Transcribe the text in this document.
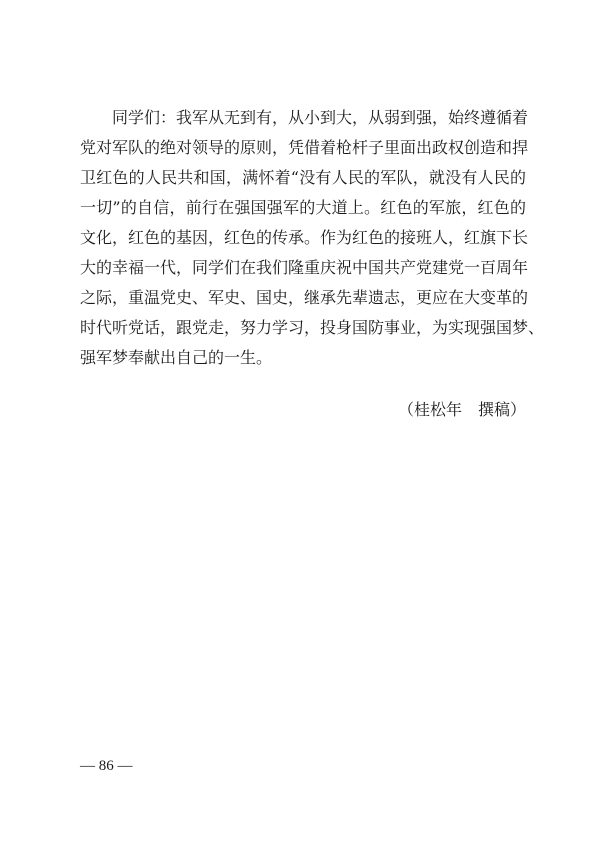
同学们：我军从无到有，从小到大，从弱到强，始终遵循着
党对军队的绝对领导的原则，凭借着枪杆子里面出政权创造和捍
卫红色的人民共和国，满怀着“没有人民的军队，就没有人民的
一切”的自信，前行在强国强军的大道上。红色的军旅，红色的
文化，红色的基因，红色的传承。作为红色的接班人，红旗下长
大的幸福一代，同学们在我们隆重庆祝中国共产党建党一百周年
之际，重温党史、军史、国史，继承先辈遗志，更应在大变革的
时代听党话，跟党走，努力学习，投身国防事业，为实现强国梦、
强军梦奉献出自己的一生。
（桂松年　撰稿）
— 86 —
